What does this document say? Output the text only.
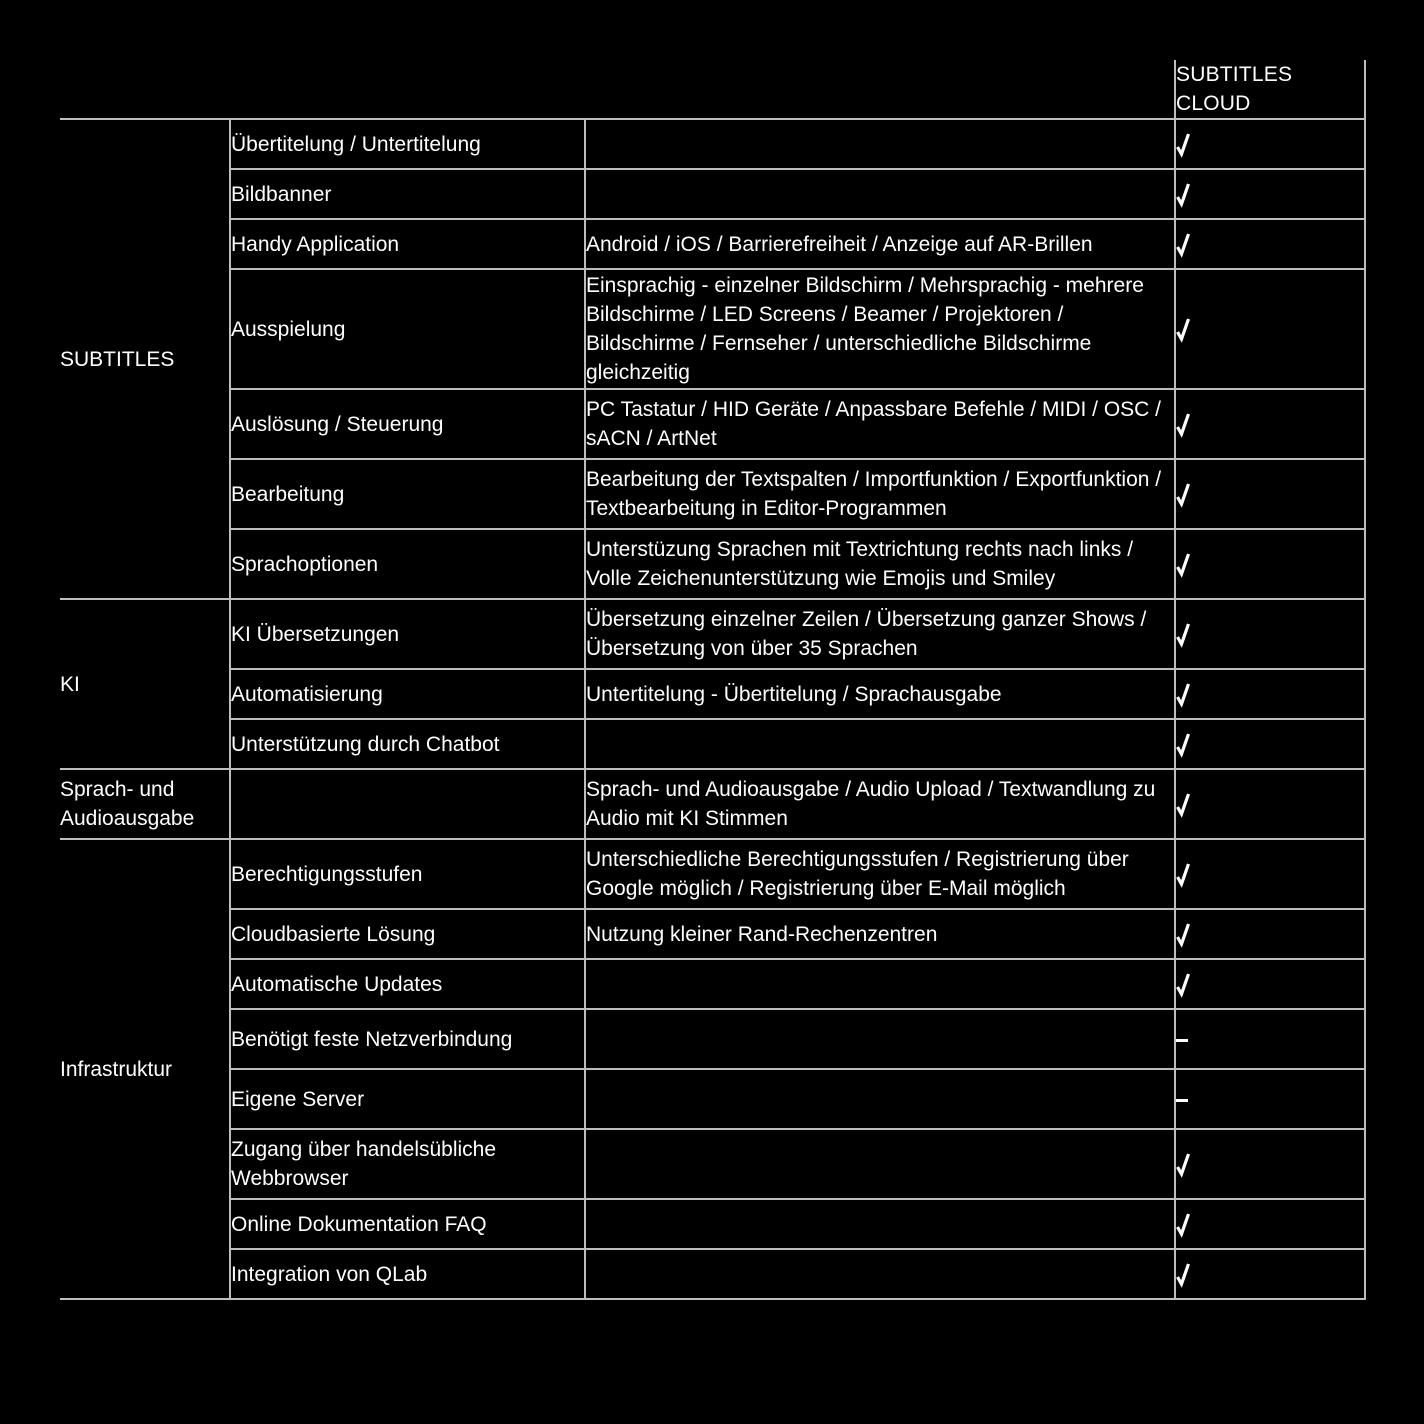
			SUBTITLES CLOUD
SUBTITLES	Übertitelung / Untertitelung		
	Bildbanner		
	Handy Application	Android / iOS / Barrierefreiheit / Anzeige auf AR-Brillen	
	Ausspielung	Einsprachig - einzelner Bildschirm / Mehrsprachig - mehrere Bildschirme / LED Screens / Beamer / Projektoren / Bildschirme / Fernseher / unterschiedliche Bildschirme gleichzeitig	
	Auslösung / Steuerung	PC Tastatur / HID Geräte / Anpassbare Befehle / MIDI / OSC / sACN / ArtNet	
	Bearbeitung	Bearbeitung der Textspalten / Importfunktion / Exportfunktion / Textbearbeitung in Editor-Programmen	
	Sprachoptionen	Unterstüzung Sprachen mit Textrichtung rechts nach links / Volle Zeichenunterstützung wie Emojis und Smiley	
KI	KI Übersetzungen	Übersetzung einzelner Zeilen / Übersetzung ganzer Shows / Übersetzung von über 35 Sprachen	
	Automatisierung	Untertitelung - Übertitelung / Sprachausgabe	
	Unterstützung durch Chatbot		
Sprach- und Audioausgabe		Sprach- und Audioausgabe / Audio Upload / Textwandlung zu Audio mit KI Stimmen	
Infrastruktur	Berechtigungsstufen	Unterschiedliche Berechtigungsstufen / Registrierung über Google möglich / Registrierung über E-Mail möglich	
	Cloudbasierte Lösung	Nutzung kleiner Rand-Rechenzentren	
	Automatische Updates		
	Benötigt feste Netzverbindung		
	Eigene Server		
	Zugang über handelsübliche Webbrowser		
	Online Dokumentation FAQ		
	Integration von QLab		
